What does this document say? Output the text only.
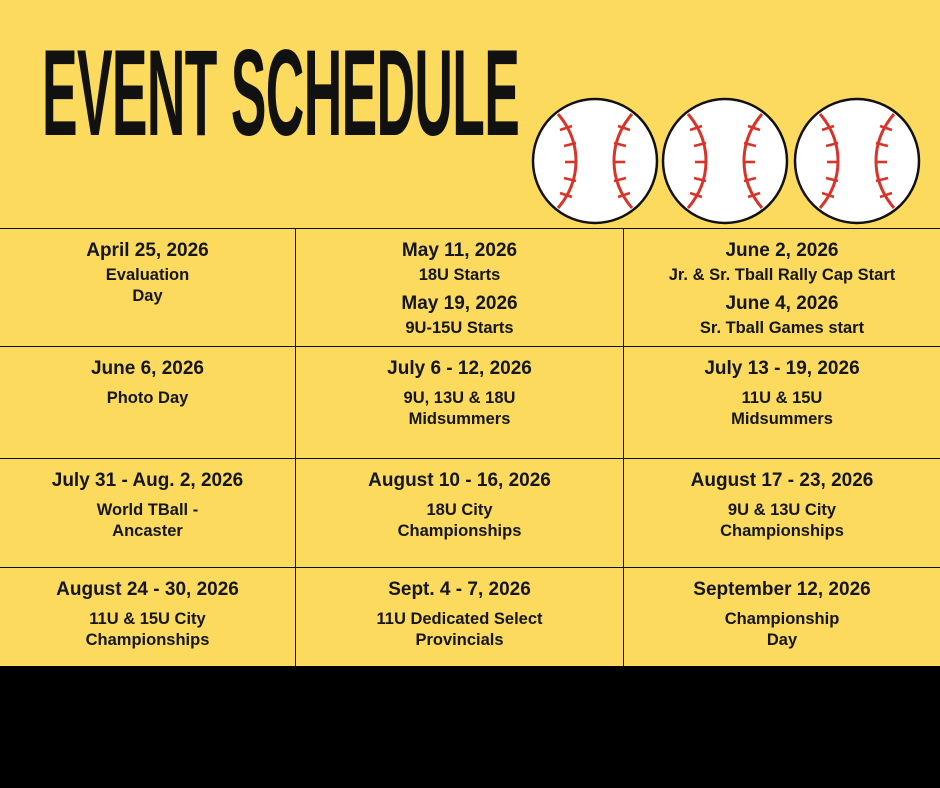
EVENT SCHEDULE
April 25, 2026
Evaluation
Day
May 11, 2026
18U Starts
May 19, 2026
9U-15U Starts
June 2, 2026
Jr. & Sr. Tball Rally Cap Start
June 4, 2026
Sr. Tball Games start
June 6, 2026
Photo Day
July 6 - 12, 2026
9U, 13U & 18U
Midsummers
July 13 - 19, 2026
11U & 15U
Midsummers
July 31 - Aug. 2, 2026
World TBall -
Ancaster
August 10 - 16, 2026
18U City
Championships
August 17 - 23, 2026
9U & 13U City
Championships
August 24 - 30, 2026
11U & 15U City
Championships
Sept. 4 - 7, 2026
11U Dedicated Select
Provincials
September 12, 2026
Championship
Day
